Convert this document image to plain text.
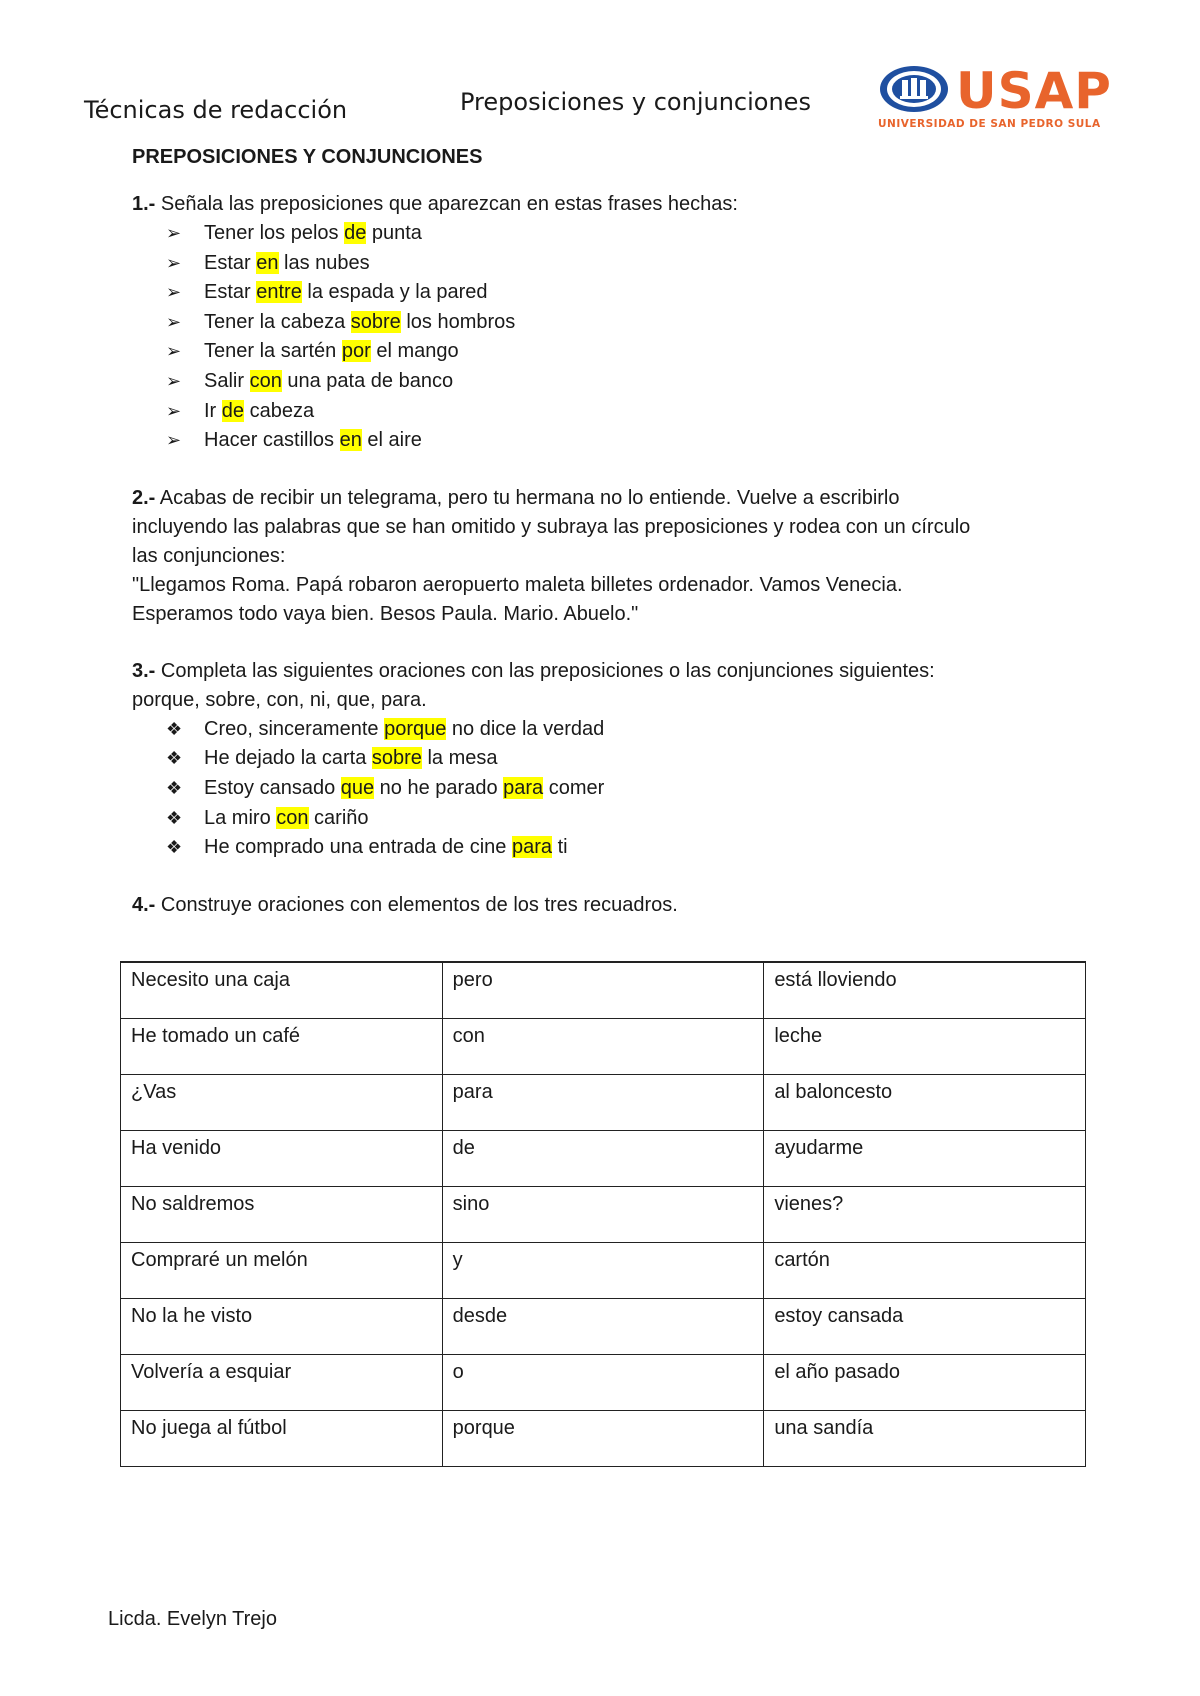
Técnicas de redacción	Preposiciones y conjunciones	USAP
UNIVERSIDAD DE SAN PEDRO SULA

PREPOSICIONES Y CONJUNCIONES

1.- Señala las preposiciones que aparezcan en estas frases hechas:

➢ Tener los pelos de punta
➢ Estar en las nubes
➢ Estar entre la espada y la pared
➢ Tener la cabeza sobre los hombros
➢ Tener la sartén por el mango
➢ Salir con una pata de banco
➢ Ir de cabeza
➢ Hacer castillos en el aire

2.- Acabas de recibir un telegrama, pero tu hermana no lo entiende. Vuelve a escribirlo

incluyendo las palabras que se han omitido y subraya las preposiciones y rodea con un círculo

las conjunciones:

"Llegamos Roma. Papá robaron aeropuerto maleta billetes ordenador. Vamos Venecia.

Esperamos todo vaya bien. Besos Paula. Mario. Abuelo."

3.- Completa las siguientes oraciones con las preposiciones o las conjunciones siguientes:

porque, sobre, con, ni, que, para.

❖ Creo, sinceramente porque no dice la verdad
❖ He dejado la carta sobre la mesa
❖ Estoy cansado que no he parado para comer
❖ La miro con cariño
❖ He comprado una entrada de cine para ti

4.- Construye oraciones con elementos de los tres recuadros.

Necesito una caja	pero	está lloviendo
He tomado un café	con	leche
¿Vas	para	al baloncesto
Ha venido	de	ayudarme
No saldremos	sino	vienes?
Compraré un melón	y	cartón
No la he visto	desde	estoy cansada
Volvería a esquiar	o	el año pasado
No juega al fútbol	porque	una sandía
Licda. Evelyn Trejo
